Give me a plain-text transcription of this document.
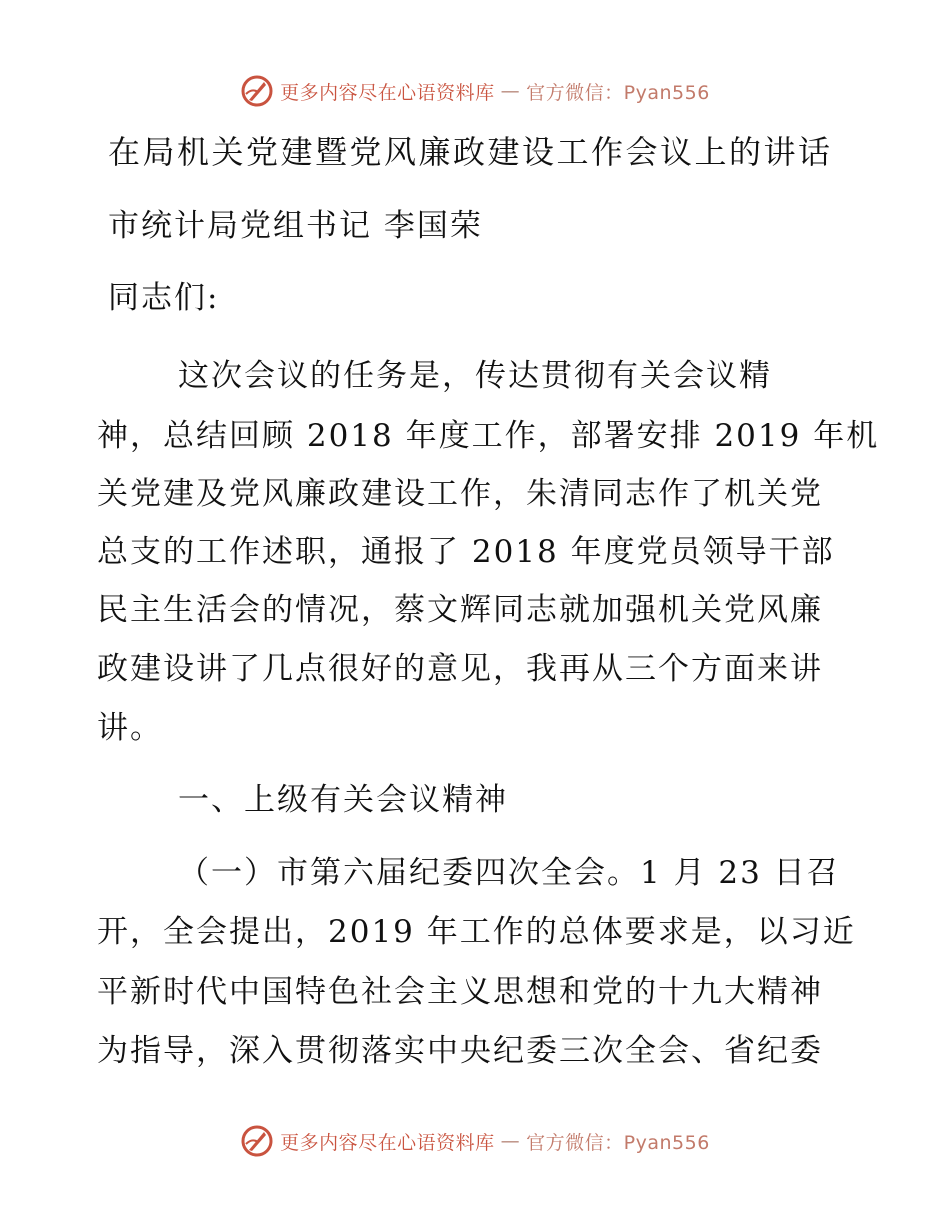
更多内容尽在心语资料库 — 官方微信：Pyan556
在局机关党建暨党风廉政建设工作会议上的讲话
市统计局党组书记 李国荣
同志们:
这次会议的任务是，传达贯彻有关会议精
神，总结回顾 2018 年度工作，部署安排 2019 年机
关党建及党风廉政建设工作，朱清同志作了机关党
总支的工作述职，通报了 2018 年度党员领导干部
民主生活会的情况，蔡文辉同志就加强机关党风廉
政建设讲了几点很好的意见，我再从三个方面来讲
讲。
一、上级有关会议精神
（一）市第六届纪委四次全会。1 月 23 日召
开，全会提出，2019 年工作的总体要求是，以习近
平新时代中国特色社会主义思想和党的十九大精神
为指导，深入贯彻落实中央纪委三次全会、省纪委
更多内容尽在心语资料库 — 官方微信：Pyan556
